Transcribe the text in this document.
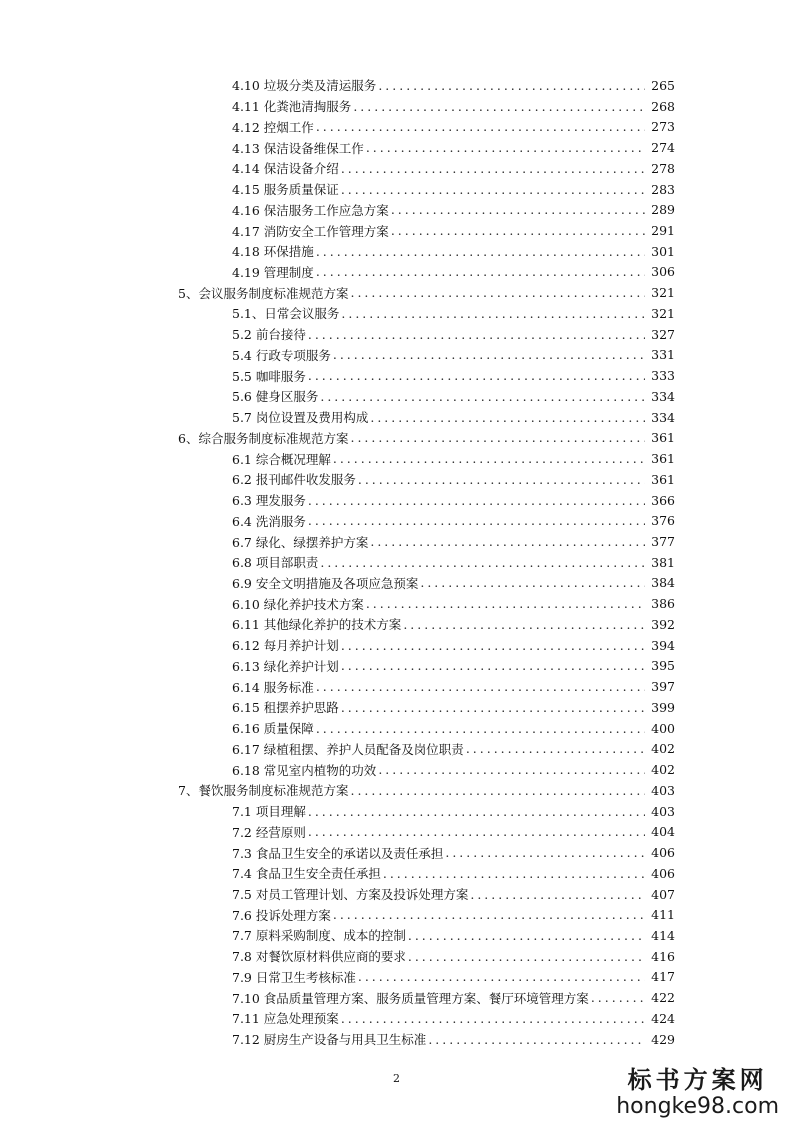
4.10 垃圾分类及清运服务 .....	265
4.11 化粪池清掏服务 .....	268
4.12 控烟工作 .....	273
4.13 保洁设备维保工作 .....	274
4.14 保洁设备介绍 .....	278
4.15 服务质量保证 .....	283
4.16 保洁服务工作应急方案 .....	289
4.17 消防安全工作管理方案 .....	291
4.18 环保措施 .....	301
4.19 管理制度 .....	306
5、会议服务制度标准规范方案 .....	321
5.1、日常会议服务 .....	321
5.2 前台接待 .....	327
5.4 行政专项服务 .....	331
5.5 咖啡服务 .....	333
5.6 健身区服务 .....	334
5.7 岗位设置及费用构成 .....	334
6、综合服务制度标准规范方案 .....	361
6.1 综合概况理解 .....	361
6.2 报刊邮件收发服务 .....	361
6.3 理发服务 .....	366
6.4 洗消服务 .....	376
6.7 绿化、绿摆养护方案 .....	377
6.8 项目部职责 .....	381
6.9 安全文明措施及各项应急预案 .....	384
6.10 绿化养护技术方案 .....	386
6.11 其他绿化养护的技术方案 .....	392
6.12 每月养护计划 .....	394
6.13 绿化养护计划 .....	395
6.14 服务标准 .....	397
6.15 租摆养护思路 .....	399
6.16 质量保障 .....	400
6.17 绿植租摆、养护人员配备及岗位职责 .....	402
6.18 常见室内植物的功效 .....	402
7、餐饮服务制度标准规范方案 .....	403
7.1 项目理解 .....	403
7.2 经营原则 .....	404
7.3 食品卫生安全的承诺以及责任承担 .....	406
7.4 食品卫生安全责任承担 .....	406
7.5 对员工管理计划、方案及投诉处理方案 .....	407
7.6 投诉处理方案 .....	411
7.7 原料采购制度、成本的控制 .....	414
7.8 对餐饮原材料供应商的要求 .....	416
7.9 日常卫生考核标准 .....	417
7.10 食品质量管理方案、服务质量管理方案、餐厅环境管理方案 .....	422
7.11 应急处理预案 .....	424
7.12 厨房生产设备与用具卫生标准 .....	429
2	标书方案网
hongke98.com
